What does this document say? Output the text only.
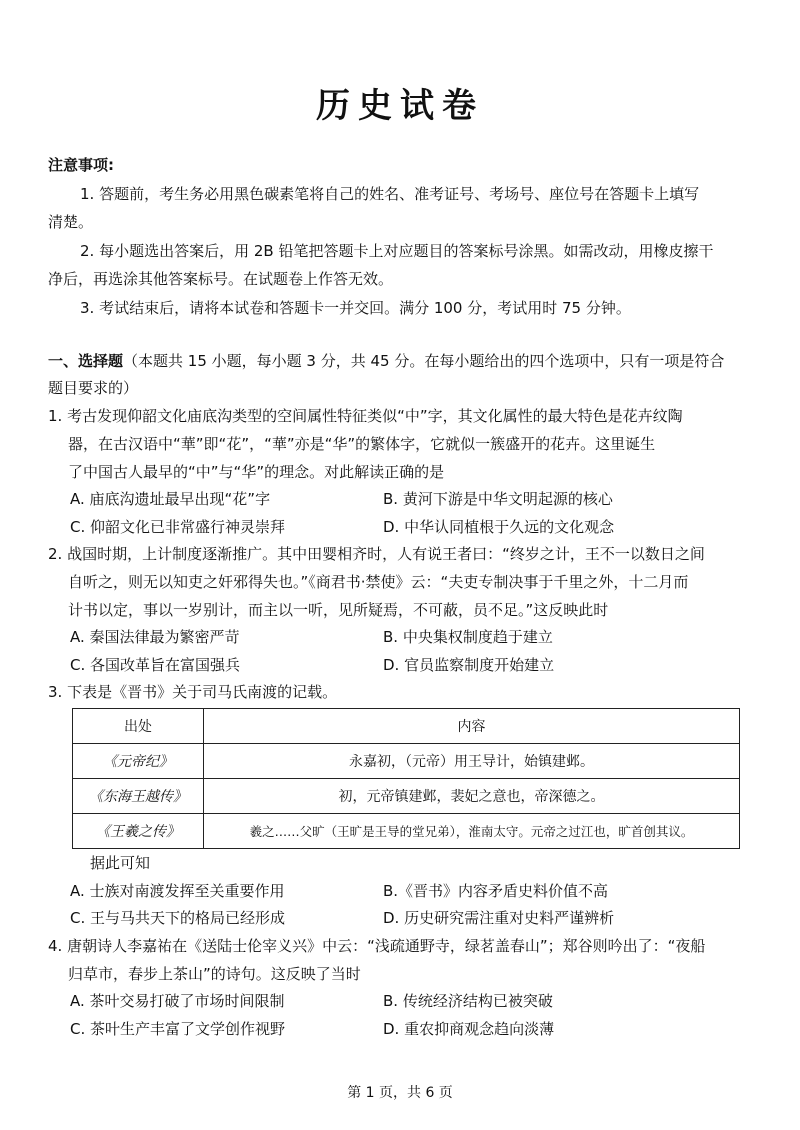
历史试卷
注意事项:
1. 答题前，考生务必用黑色碳素笔将自己的姓名、准考证号、考场号、座位号在答题卡上填写
清楚。
2. 每小题选出答案后，用 2B 铅笔把答题卡上对应题目的答案标号涂黑。如需改动，用橡皮擦干
净后，再选涂其他答案标号。在试题卷上作答无效。
3. 考试结束后，请将本试卷和答题卡一并交回。满分 100 分，考试用时 75 分钟。
一、选择题（本题共 15 小题，每小题 3 分，共 45 分。在每小题给出的四个选项中，只有一项是符合
题目要求的）
1. 考古发现仰韶文化庙底沟类型的空间属性特征类似“中”字，其文化属性的最大特色是花卉纹陶
器，在古汉语中“華”即“花”，“華”亦是“华”的繁体字，它就似一簇盛开的花卉。这里诞生
了中国古人最早的“中”与“华”的理念。对此解读正确的是
A. 庙底沟遗址最早出现“花”字	B. 黄河下游是中华文明起源的核心
C. 仰韶文化已非常盛行神灵崇拜	D. 中华认同植根于久远的文化观念
2. 战国时期，上计制度逐渐推广。其中田婴相齐时，人有说王者曰：“终岁之计，王不一以数日之间
自听之，则无以知吏之奸邪得失也。”《商君书·禁使》云：“夫吏专制决事于千里之外，十二月而
计书以定，事以一岁别计，而主以一听，见所疑焉，不可蔽，员不足。”这反映此时
A. 秦国法律最为繁密严苛	B. 中央集权制度趋于建立
C. 各国改革旨在富国强兵	D. 官员监察制度开始建立
3. 下表是《晋书》关于司马氏南渡的记载。
出处	内容
《元帝纪》	永嘉初，（元帝）用王导计，始镇建邺。
《东海王越传》	初，元帝镇建邺，裴妃之意也，帝深德之。
《王羲之传》	羲之……父旷（王旷是王导的堂兄弟），淮南太守。元帝之过江也，旷首创其议。
据此可知
A. 士族对南渡发挥至关重要作用	B.《晋书》内容矛盾史料价值不高
C. 王与马共天下的格局已经形成	D. 历史研究需注重对史料严谨辨析
4. 唐朝诗人李嘉祐在《送陆士伦宰义兴》中云：“浅疏通野寺，绿茗盖春山”；郑谷则吟出了：“夜船
归草市，春步上茶山”的诗句。这反映了当时
A. 茶叶交易打破了市场时间限制	B. 传统经济结构已被突破
C. 茶叶生产丰富了文学创作视野	D. 重农抑商观念趋向淡薄
第 1 页，共 6 页
